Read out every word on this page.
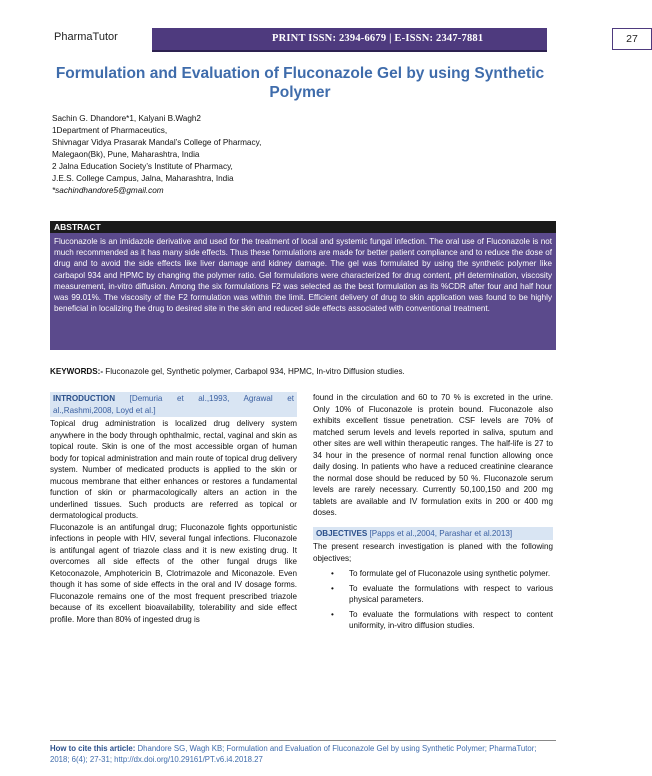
PharmaTutor	PRINT ISSN: 2394-6679 | E-ISSN: 2347-7881	27
Formulation and Evaluation of Fluconazole Gel by using Synthetic Polymer
Sachin G. Dhandore*1, Kalyani B.Wagh2
1Department of Pharmaceutics,
Shivnagar Vidya Prasarak Mandal’s College of Pharmacy,
Malegaon(Bk), Pune, Maharashtra, India
2 Jalna Education Society’s Institute of Pharmacy,
J.E.S. College Campus, Jalna, Maharashtra, India
*sachindhandore5@gmail.com
ABSTRACT
Fluconazole is an imidazole derivative and used for the treatment of local and systemic fungal infection. The oral use of Fluconazole is not much recommended as it has many side effects. Thus these formulations are made for better patient compliance and to reduce the dose of drug and to avoid the side effects like liver damage and kidney damage. The gel was formulated by using the synthetic polymer like carbapol 934 and HPMC by changing the polymer ratio. Gel formulations were characterized for drug content, pH determination, viscosity measurement, in-vitro diffusion. Among the six formulations F2 was selected as the best formulation as its %CDR after four and half hour was 99.01%. The viscosity of the F2 formulation was within the limit. Efficient delivery of drug to skin application was found to be highly beneficial in localizing the drug to desired site in the skin and reduced side effects associated with conventional treatment.
KEYWORDS:- Fluconazole gel, Synthetic polymer, Carbapol 934, HPMC, In-vitro Diffusion studies.
INTRODUCTION [Demuria et al.,1993, Agrawal et al.,Rashmi,2008, Loyd et al.]

Topical drug administration is localized drug delivery system anywhere in the body through ophthalmic, rectal, vaginal and skin as topical route. Skin is one of the most accessible organ of human body for topical administration and main route of topical drug delivery system. Number of medicated products is applied to the skin or mucous membrane that either enhances or restores a fundamental function of skin or pharmacologically alters an action in the underlined tissues. Such products are referred as topical or dermatological products.

Fluconazole is an antifungal drug; Fluconazole fights opportunistic infections in people with HIV, several fungal infections. Fluconazole is antifungal agent of triazole class and it is new existing drug. It overcomes all side effects of the other fungal drugs like Ketoconazole, Amphotericin B, Clotrimazole and Miconazole. Even though it has some of side effects in the oral and IV dosage forms. Fluconazole remains one of the most frequent prescribed triazole because of its excellent bioavailability, tolerability and side effect profile. More than 80% of ingested drug is

found in the circulation and 60 to 70 % is excreted in the urine. Only 10% of Fluconazole is protein bound. Fluconazole also exhibits excellent tissue penetration. CSF levels are 70% of matched serum levels and levels reported in saliva, sputum and other sites are well within therapeutic ranges. The half-life is 27 to 34 hour in the presence of normal renal function allowing once daily dosing. In patients who have a reduced creatinine clearance the normal dose should be reduced by 50 %. Fluconazole serum levels are rarely necessary. Currently 50,100,150 and 200 mg tablets are available and IV formulation exits in 200 or 400 mg doses.

OBJECTIVES [Papps et al.,2004, Parashar et al.2013]

The present research investigation is planed with the following objectives;

• To formulate gel of Fluconazole using synthetic polymer.
• To evaluate the formulations with respect to various physical parameters.
• To evaluate the formulations with respect to content uniformity, in-vitro diffusion studies.
How to cite this article: Dhandore SG, Wagh KB; Formulation and Evaluation of Fluconazole Gel by using Synthetic Polymer; PharmaTutor; 2018; 6(4); 27-31; http://dx.doi.org/10.29161/PT.v6.i4.2018.27
